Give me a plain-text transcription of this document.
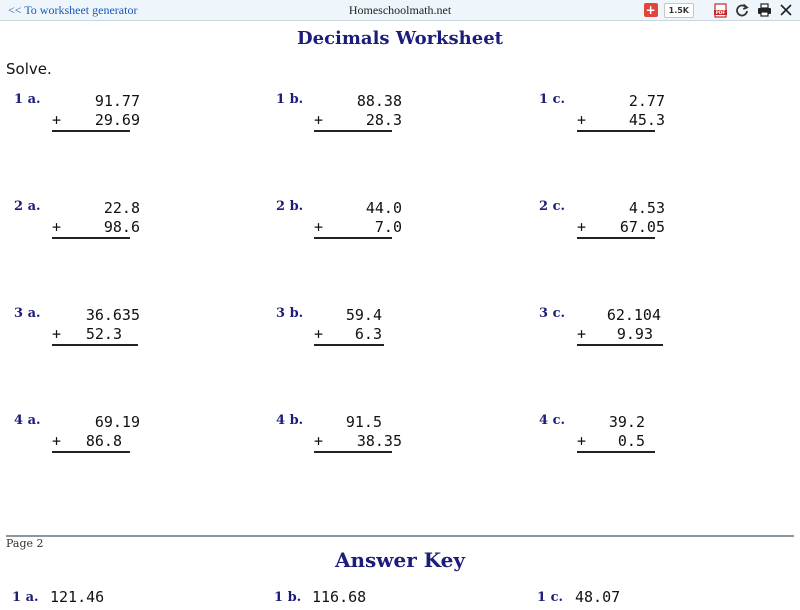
<< To worksheet generator	Homeschoolmath.net	+	1.5K	PDF
Decimals Worksheet
Solve.
1 a.	91.77
+	29.69
1 b.	88.38
+	28.3
1 c.	2.77
+	45.3
2 a.	22.8
+	98.6
2 b.	44.0
+	7.0
2 c.	4.53
+	67.05
3 a.	36.635
+	52.3
3 b.	59.4
+	6.3
3 c.	62.104
+	9.93
4 a.	69.19
+	86.8
4 b.	91.5
+	38.35
4 c.	39.2
+	0.5
Page 2
Answer Key
1 a. 121.46	1 b. 116.68	1 c. 48.07
